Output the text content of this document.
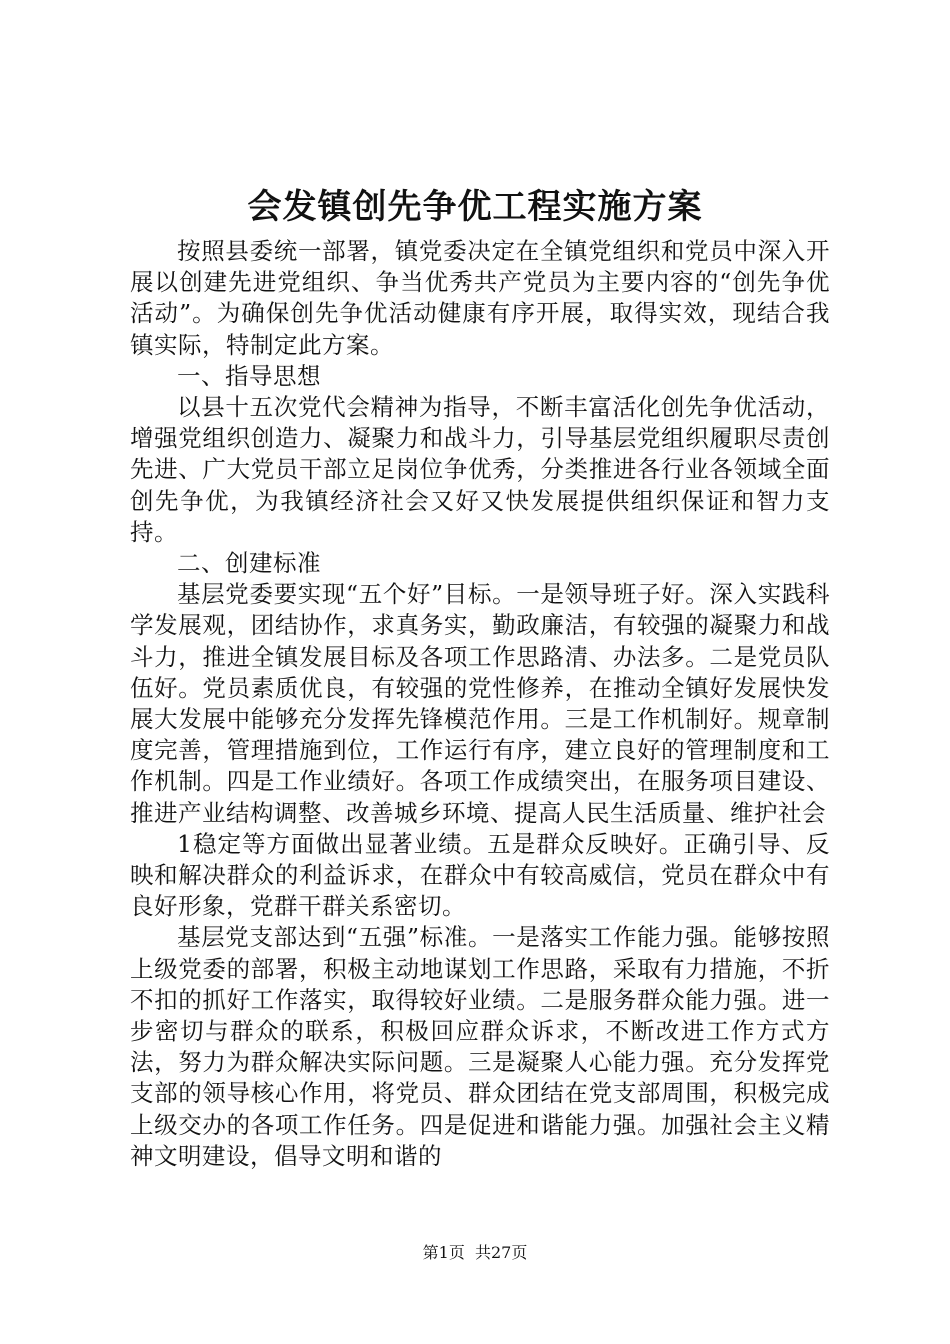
会发镇创先争优工程实施方案

按照县委统一部署，镇党委决定在全镇党组织和党员中深入开展以创建先进党组织、争当优秀共产党员为主要内容的“创先争优活动”。为确保创先争优活动健康有序开展，取得实效，现结合我镇实际，特制定此方案。

一、指导思想

以县十五次党代会精神为指导，不断丰富活化创先争优活动，增强党组织创造力、凝聚力和战斗力，引导基层党组织履职尽责创先进、广大党员干部立足岗位争优秀，分类推进各行业各领域全面创先争优，为我镇经济社会又好又快发展提供组织保证和智力支持。

二、创建标准

基层党委要实现“五个好”目标。一是领导班子好。深入实践科学发展观，团结协作，求真务实，勤政廉洁，有较强的凝聚力和战斗力，推进全镇发展目标及各项工作思路清、办法多。二是党员队伍好。党员素质优良，有较强的党性修养，在推动全镇好发展快发展大发展中能够充分发挥先锋模范作用。三是工作机制好。规章制度完善，管理措施到位，工作运行有序，建立良好的管理制度和工作机制。四是工作业绩好。各项工作成绩突出，在服务项目建设、推进产业结构调整、改善城乡环境、提高人民生活质量、维护社会

1稳定等方面做出显著业绩。五是群众反映好。正确引导、反映和解决群众的利益诉求，在群众中有较高威信，党员在群众中有良好形象，党群干群关系密切。

基层党支部达到“五强”标准。一是落实工作能力强。能够按照上级党委的部署，积极主动地谋划工作思路，采取有力措施，不折不扣的抓好工作落实，取得较好业绩。二是服务群众能力强。进一步密切与群众的联系，积极回应群众诉求，不断改进工作方式方法，努力为群众解决实际问题。三是凝聚人心能力强。充分发挥党支部的领导核心作用，将党员、群众团结在党支部周围，积极完成上级交办的各项工作任务。四是促进和谐能力强。加强社会主义精神文明建设，倡导文明和谐的

第1页  共27页
